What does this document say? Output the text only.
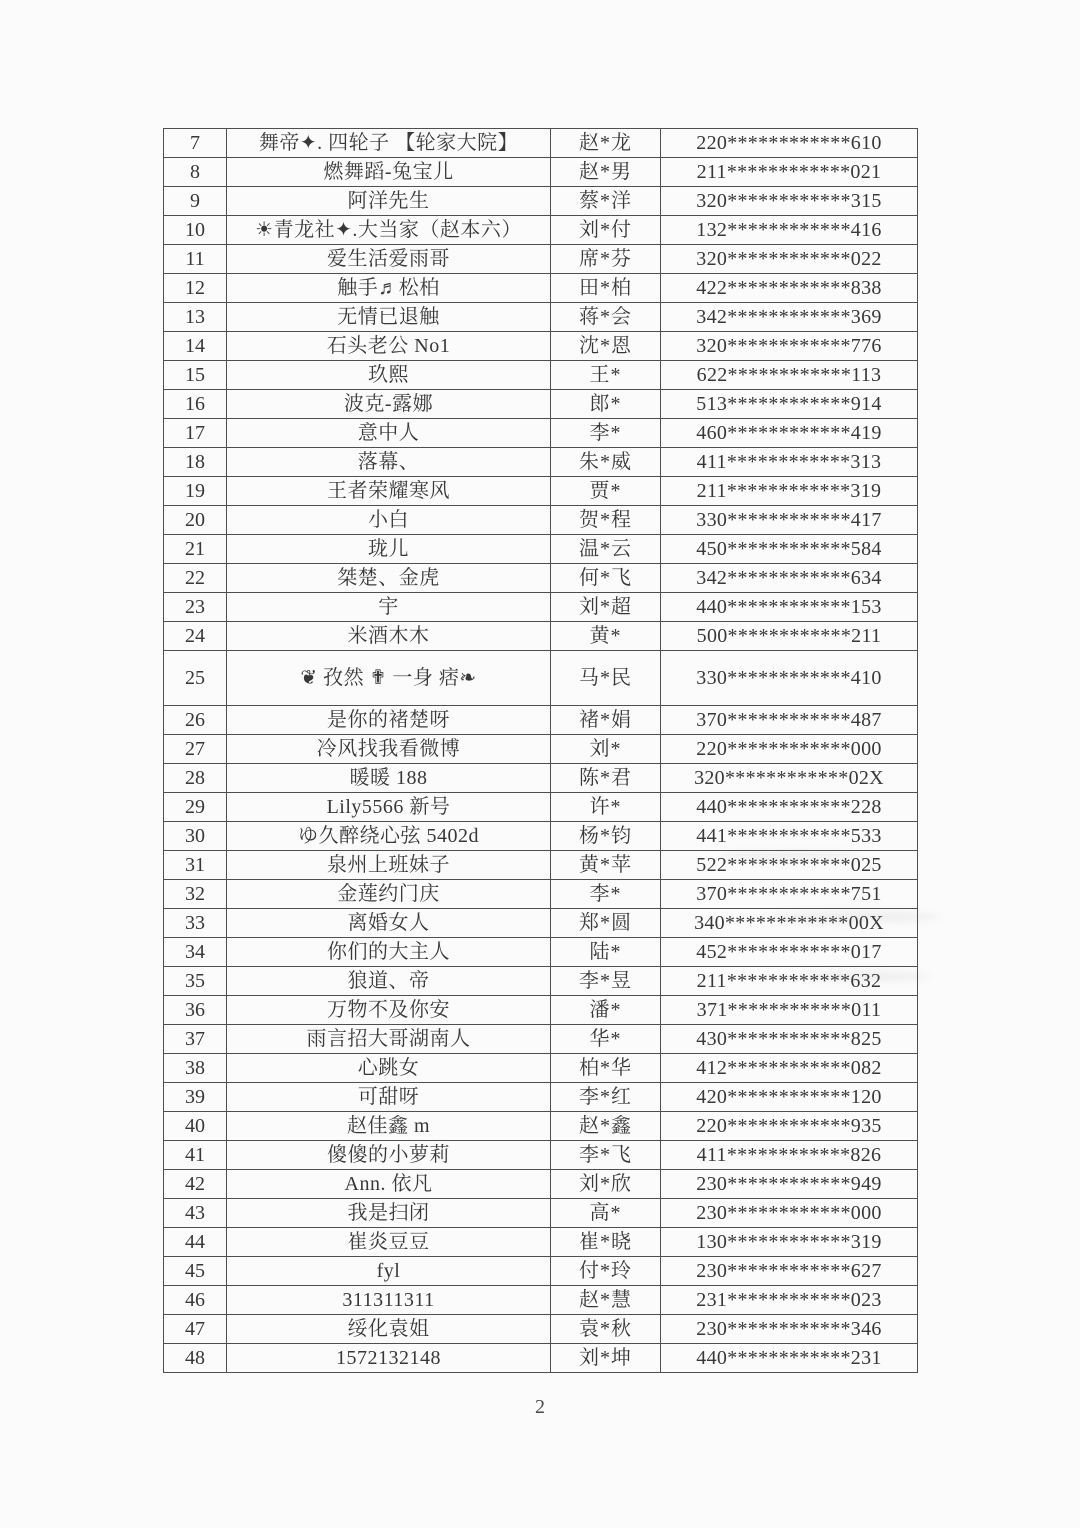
7	舞帝✦. 四轮子 【轮家大院】	赵*龙	220************610
8	燃舞蹈-兔宝儿	赵*男	211************021
9	阿洋先生	蔡*洋	320************315
10	☀青龙社✦.大当家（赵本六）	刘*付	132************416
11	爱生活爱雨哥	席*芬	320************022
12	触手♬松柏	田*柏	422************838
13	无情已退触	蒋*会	342************369
14	石头老公 No1	沈*恩	320************776
15	玖熙	王*	622************113
16	波克-露娜	郎*	513************914
17	意中人	李*	460************419
18	落幕、	朱*威	411************313
19	王者荣耀寒风	贾*	211************319
20	小白	贺*程	330************417
21	珑儿	温*云	450************584
22	桀楚、金虎	何*飞	342************634
23	宇	刘*超	440************153
24	米酒木木	黄*	500************211
25	❦ 孜然 ✟ 一身 痞❧	马*民	330************410
26	是你的褚楚呀	褚*娟	370************487
27	冷风找我看微博	刘*	220************000
28	暖暖 188	陈*君	320************02X
29	Lily5566 新号	许*	440************228
30	ゆ久醉绕心弦 5402d	杨*钧	441************533
31	泉州上班妹子	黄*苹	522************025
32	金莲约门庆	李*	370************751
33	离婚女人	郑*圆	340************00X
34	你们的大主人	陆*	452************017
35	狼道、帝	李*昱	211************632
36	万物不及你安	潘*	371************011
37	雨言招大哥湖南人	华*	430************825
38	心跳女	柏*华	412************082
39	可甜呀	李*红	420************120
40	赵佳鑫 m	赵*鑫	220************935
41	傻傻的小萝莉	李*飞	411************826
42	Ann. 依凡	刘*欣	230************949
43	我是扫闭	高*	230************000
44	崔炎豆豆	崔*晓	130************319
45	fyl	付*玲	230************627
46	311311311	赵*慧	231************023
47	绥化袁姐	袁*秋	230************346
48	1572132148	刘*坤	440************231
2
